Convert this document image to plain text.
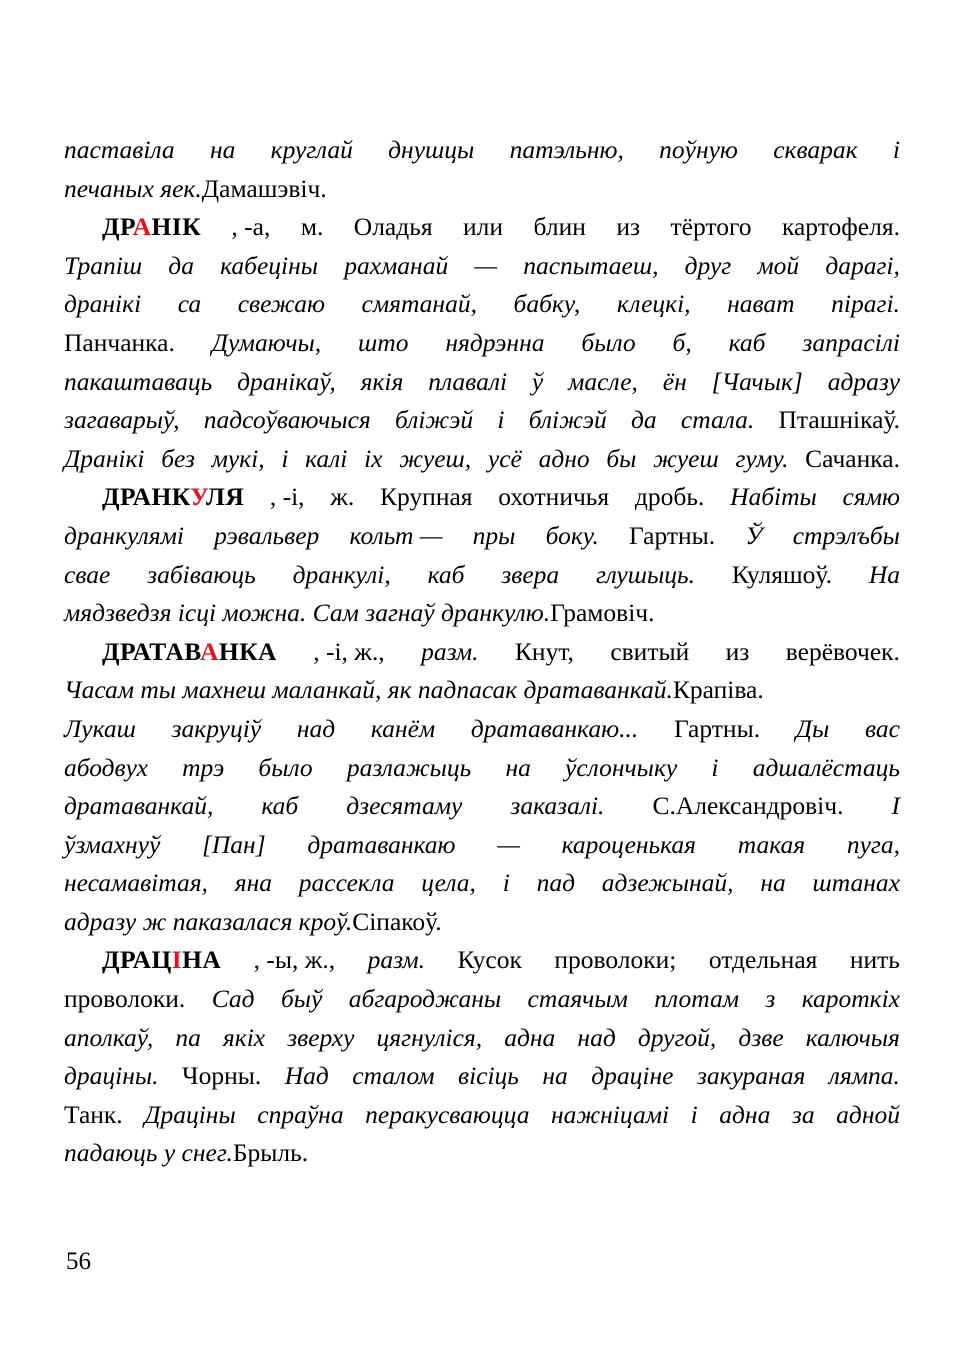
паставіла на круглай днушцы патэльню, поўную скварак і
печаных яек.Дамашэвіч.
ДРАНІК , -а, м. Оладья или блин из тёртого картофеля.
Трапіш да кабеціны рахманай — паспытаеш, друг мой дарагі,
дранікі са свежаю смятанай, бабку, клецкі, нават пірагі.
Панчанка. Думаючы, што нядрэнна было б, каб запрасілі
пакаштаваць дранікаў, якія плавалі ў масле, ён [Чачык] адразу
загаварыў, падсоўваючыся бліжэй і бліжэй да стала. Пташнікаў.
Дранікі без мукі, і калі іх жуеш, усё адно бы жуеш гуму. Сачанка.
ДРАНКУЛЯ , -і, ж. Крупная охотничья дробь. Набіты сямю
дранкулямі рэвальвер кольт — пры боку. Гартны. Ў стрэлъбы
свае забіваюць дранкулі, каб звера глушыць. Куляшоў. На
мядзведзя ісці можна. Сам загнаў дранкулю.Грамовіч.
ДРАТАВАНКА , -і, ж., разм. Кнут, свитый из верёвочек.
Часам ты махнеш маланкай, як падпасак дратаванкай.Крапіва.
Лукаш закруціў над канём дратаванкаю... Гартны. Ды вас
абодвух трэ было разлажыць на ўслончыку і адшалёстаць
дратаванкай, каб дзесятаму заказалі. С.Александровіч. І
ўзмахнуў [Пан] дратаванкаю — кароценькая такая пуга,
несамавітая, яна рассекла цела, і пад адзежынай, на штанах
адразу ж паказалася кроў.Сіпакоў.
ДРАЦІНА , -ы, ж., разм. Кусок проволоки; отдельная нить
проволоки. Сад быў абгароджаны стаячым плотам з кароткіх
аполкаў, па якіх зверху цягнуліся, адна над другой, дзве калючыя
драціны. Чорны. Над сталом вісіць на драціне закураная лямпа.
Танк. Драціны спраўна перакусваюцца нажніцамі і адна за адной
падаюць у снег.Брыль.
56
